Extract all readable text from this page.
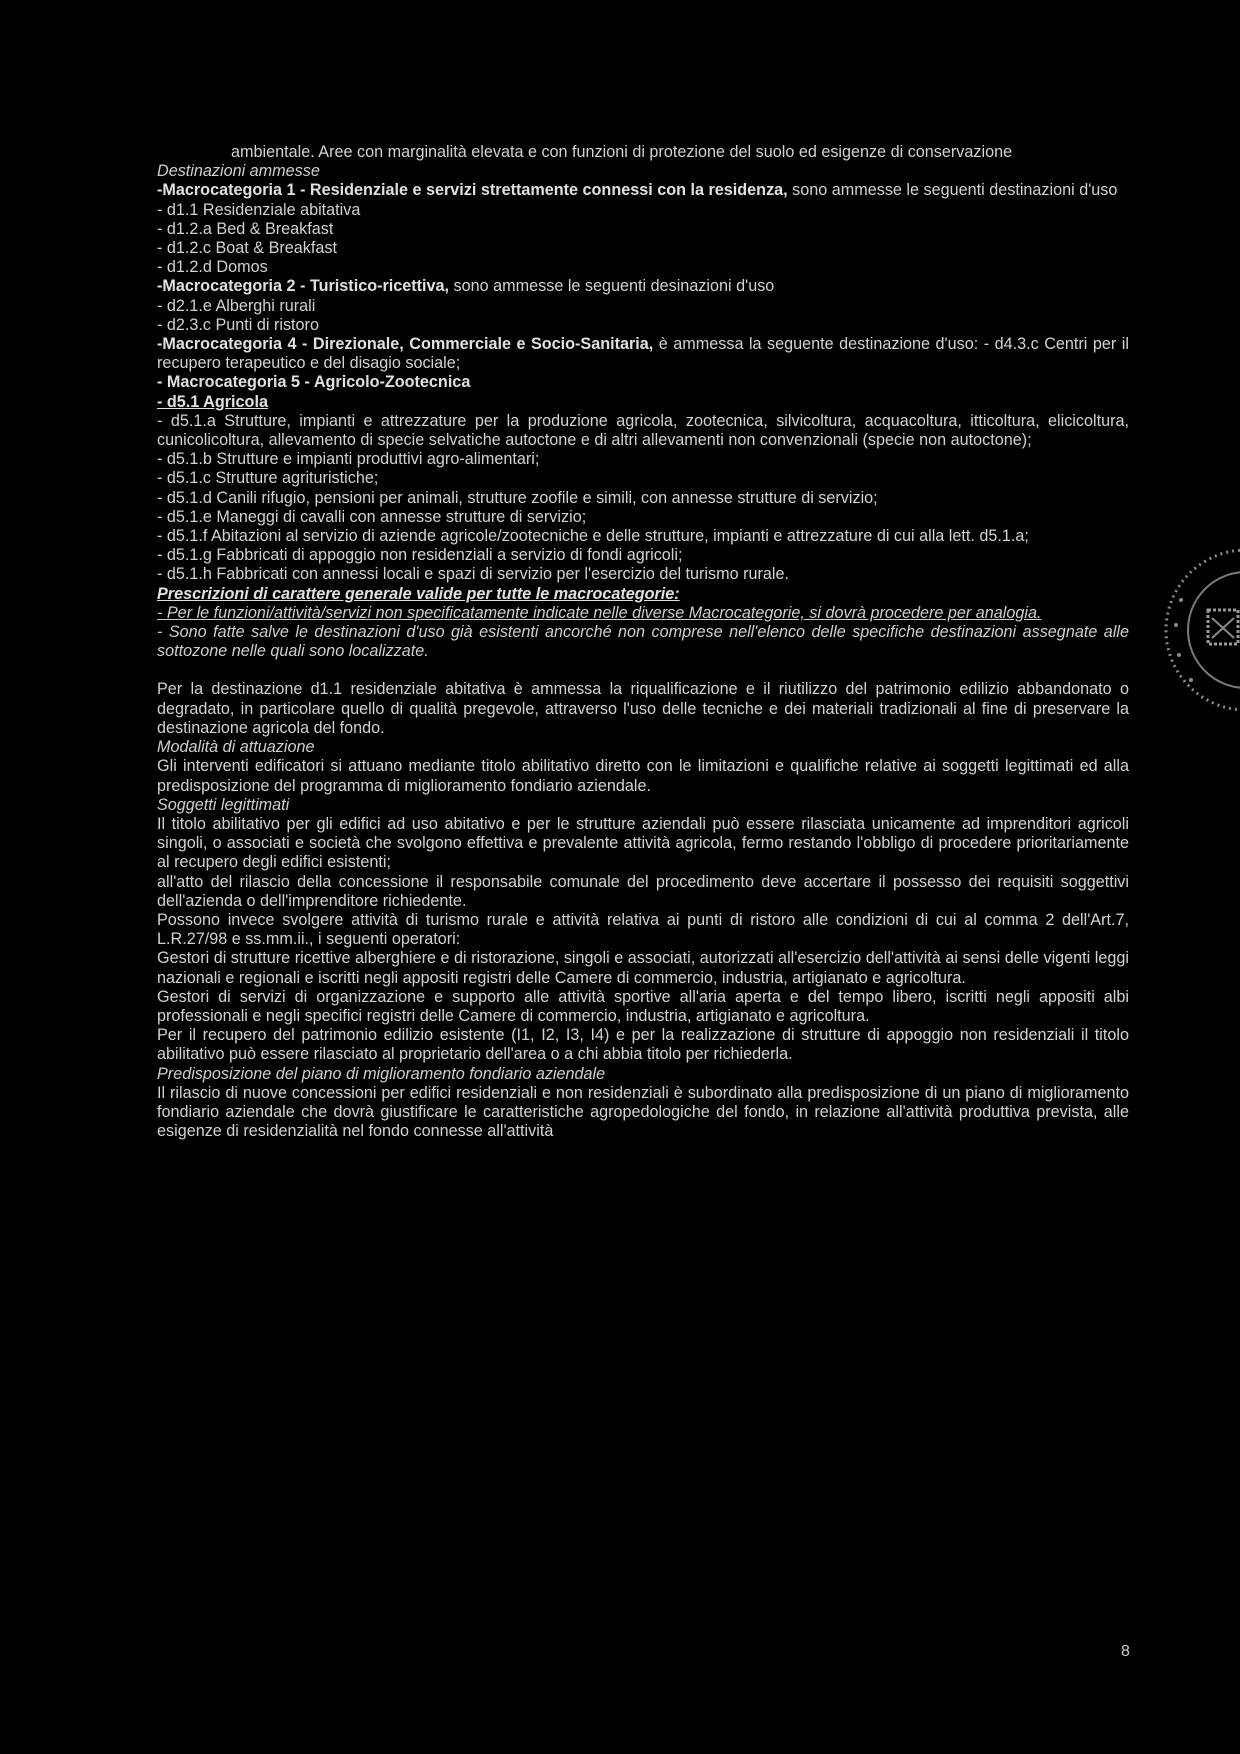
ambientale. Aree con marginalità elevata e con funzioni di protezione del suolo ed esigenze di conservazione

Destinazioni ammesse

-Macrocategoria 1 - Residenziale e servizi strettamente connessi con la residenza, sono ammesse le seguenti destinazioni d'uso

- d1.1 Residenziale abitativa

- d1.2.a Bed & Breakfast

- d1.2.c Boat & Breakfast

- d1.2.d Domos

-Macrocategoria 2 - Turistico-ricettiva, sono ammesse le seguenti desinazioni d'uso

- d2.1.e Alberghi rurali

- d2.3.c Punti di ristoro

-Macrocategoria 4 - Direzionale, Commerciale e Socio-Sanitaria, è ammessa la seguente destinazione d'uso: - d4.3.c Centri per il recupero terapeutico e del disagio sociale;

- Macrocategoria 5 - Agricolo-Zootecnica

- d5.1 Agricola

- d5.1.a Strutture, impianti e attrezzature per la produzione agricola, zootecnica, silvicoltura, acquacoltura, itticoltura, elicicoltura, cunicolicoltura, allevamento di specie selvatiche autoctone e di altri allevamenti non convenzionali (specie non autoctone);

- d5.1.b Strutture e impianti produttivi agro-alimentari;

- d5.1.c Strutture agrituristiche;

- d5.1.d Canili rifugio, pensioni per animali, strutture zoofile e simili, con annesse strutture di servizio;

- d5.1.e Maneggi di cavalli con annesse strutture di servizio;

- d5.1.f Abitazioni al servizio di aziende agricole/zootecniche e delle strutture, impianti e attrezzature di cui alla lett. d5.1.a;

- d5.1.g Fabbricati di appoggio non residenziali a servizio di fondi agricoli;

- d5.1.h Fabbricati con annessi locali e spazi di servizio per l'esercizio del turismo rurale.

Prescrizioni di carattere generale valide per tutte le macrocategorie:

- Per le funzioni/attività/servizi non specificatamente indicate nelle diverse Macrocategorie, si dovrà procedere per analogia.

- Sono fatte salve le destinazioni d'uso già esistenti ancorché non comprese nell'elenco delle specifiche destinazioni assegnate alle sottozone nelle quali sono localizzate.

Per la destinazione d1.1 residenziale abitativa è ammessa la riqualificazione e il riutilizzo del patrimonio edilizio abbandonato o degradato, in particolare quello di qualità pregevole, attraverso l'uso delle tecniche e dei materiali tradizionali al fine di preservare la destinazione agricola del fondo.

Modalità di attuazione

Gli interventi edificatori si attuano mediante titolo abilitativo diretto con le limitazioni e qualifiche relative ai soggetti legittimati ed alla predisposizione del programma di miglioramento fondiario aziendale.

Soggetti legittimati

Il titolo abilitativo per gli edifici ad uso abitativo e per le strutture aziendali può essere rilasciata unicamente ad imprenditori agricoli singoli, o associati e società che svolgono effettiva e prevalente attività agricola, fermo restando l'obbligo di procedere prioritariamente al recupero degli edifici esistenti;

all'atto del rilascio della concessione il responsabile comunale del procedimento deve accertare il possesso dei requisiti soggettivi dell'azienda o dell'imprenditore richiedente.

Possono invece svolgere attività di turismo rurale e attività relativa ai punti di ristoro alle condizioni di cui al comma 2 dell'Art.7, L.R.27/98 e ss.mm.ii., i seguenti operatori:

Gestori di strutture ricettive alberghiere e di ristorazione, singoli e associati, autorizzati all'esercizio dell'attività ai sensi delle vigenti leggi nazionali e regionali e iscritti negli appositi registri delle Camere di commercio, industria, artigianato e agricoltura.

Gestori di servizi di organizzazione e supporto alle attività sportive all'aria aperta e del tempo libero, iscritti negli appositi albi professionali e negli specifici registri delle Camere di commercio, industria, artigianato e agricoltura.

Per il recupero del patrimonio edilizio esistente (I1, I2, I3, I4) e per la realizzazione di strutture di appoggio non residenziali il titolo abilitativo può essere rilasciato al proprietario dell'area o a chi abbia titolo per richiederla.

Predisposizione del piano di miglioramento fondiario aziendale

Il rilascio di nuove concessioni per edifici residenziali e non residenziali è subordinato alla predisposizione di un piano di miglioramento fondiario aziendale che dovrà giustificare le caratteristiche agropedologiche del fondo, in relazione all'attività produttiva prevista, alle esigenze di residenzialità nel fondo connesse all'attività

8
